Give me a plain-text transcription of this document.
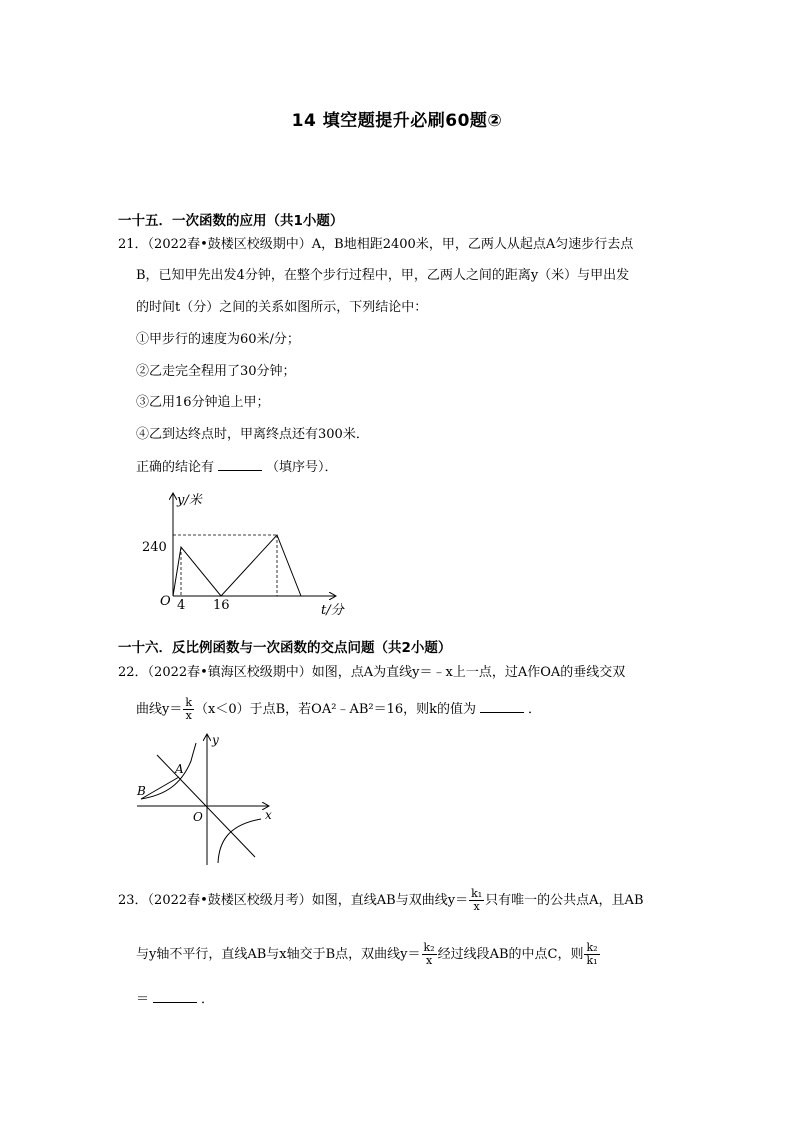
14 填空题提升必刷60题②
一十五．一次函数的应用（共1小题）
21．（2022春•鼓楼区校级期中）A，B地相距2400米，甲，乙两人从起点A匀速步行去点
B，已知甲先出发4分钟，在整个步行过程中，甲，乙两人之间的距离y（米）与甲出发
的时间t（分）之间的关系如图所示，下列结论中：
①甲步行的速度为60米/分；
②乙走完全程用了30分钟；
③乙用16分钟追上甲；
④乙到达终点时，甲离终点还有300米．
正确的结论有	（填序号）．
y/米
t/分
O
240
4 16
一十六．反比例函数与一次函数的交点问题（共2小题）
22．（2022春•镇海区校级期中）如图，点A为直线y＝﹣x上一点，过A作OA的垂线交双
曲线$y= \frac{k}{x} (x<0)$于点B，若OA²﹣AB²＝16，则k的值为	．
y
x
O
A
B
23．（2022春•鼓楼区校级月考）如图，直线AB与双曲线$y= \frac{\text{k₁}}{x}$ 只有唯一的公共点A，且AB
与y轴不平行，直线AB与x轴交于B点，双曲线$y= \frac{\text{k₂}}{x}$ 经过线段AB的中点C，则 $\frac{\text{k₂}}{\text{k₁}}$
＝	．
